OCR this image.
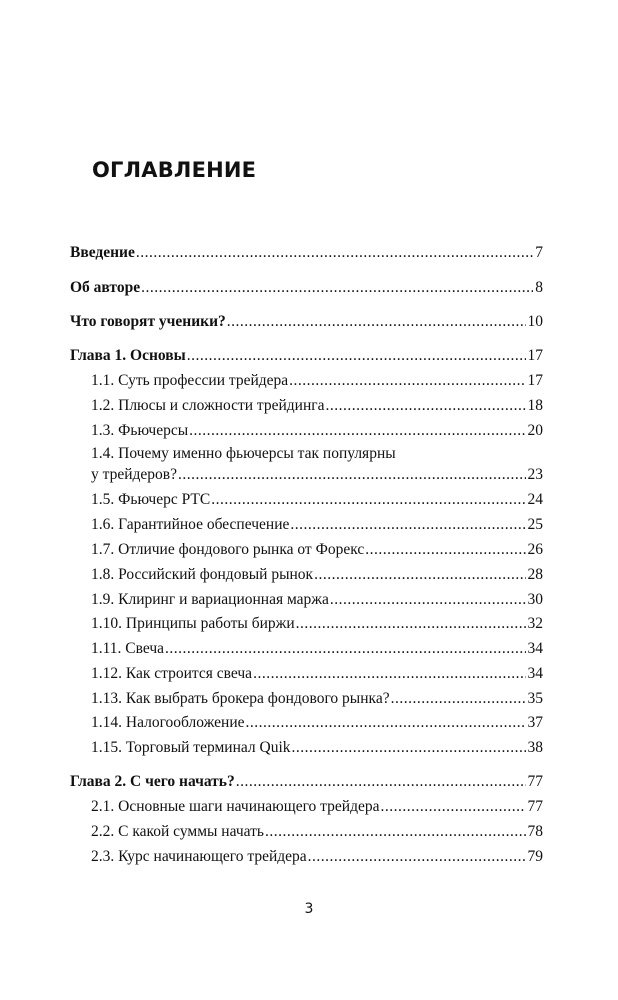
ОГЛАВЛЕНИЕ
Введение .....	7
Об авторе .....	8
Что говорят ученики? .....	10
Глава 1. Основы .....	17
1.1. Суть профессии трейдера .....	17
1.2. Плюсы и сложности трейдинга .....	18
1.3. Фьючерсы .....	20
1.4. Почему именно фьючерсы так популярны
у трейдеров? .....	23
1.5. Фьючерс РТС .....	24
1.6. Гарантийное обеспечение .....	25
1.7. Отличие фондового рынка от Форекс .....	26
1.8. Российский фондовый рынок .....	28
1.9. Клиринг и вариационная маржа .....	30
1.10. Принципы работы биржи .....	32
1.11. Свеча .....	34
1.12. Как строится свеча .....	34
1.13. Как выбрать брокера фондового рынка? .....	35
1.14. Налогообложение .....	37
1.15. Торговый терминал Quik .....	38
Глава 2. С чего начать? .....	77
2.1. Основные шаги начинающего трейдера .....	77
2.2. С какой суммы начать .....	78
2.3. Курс начинающего трейдера .....	79
3
